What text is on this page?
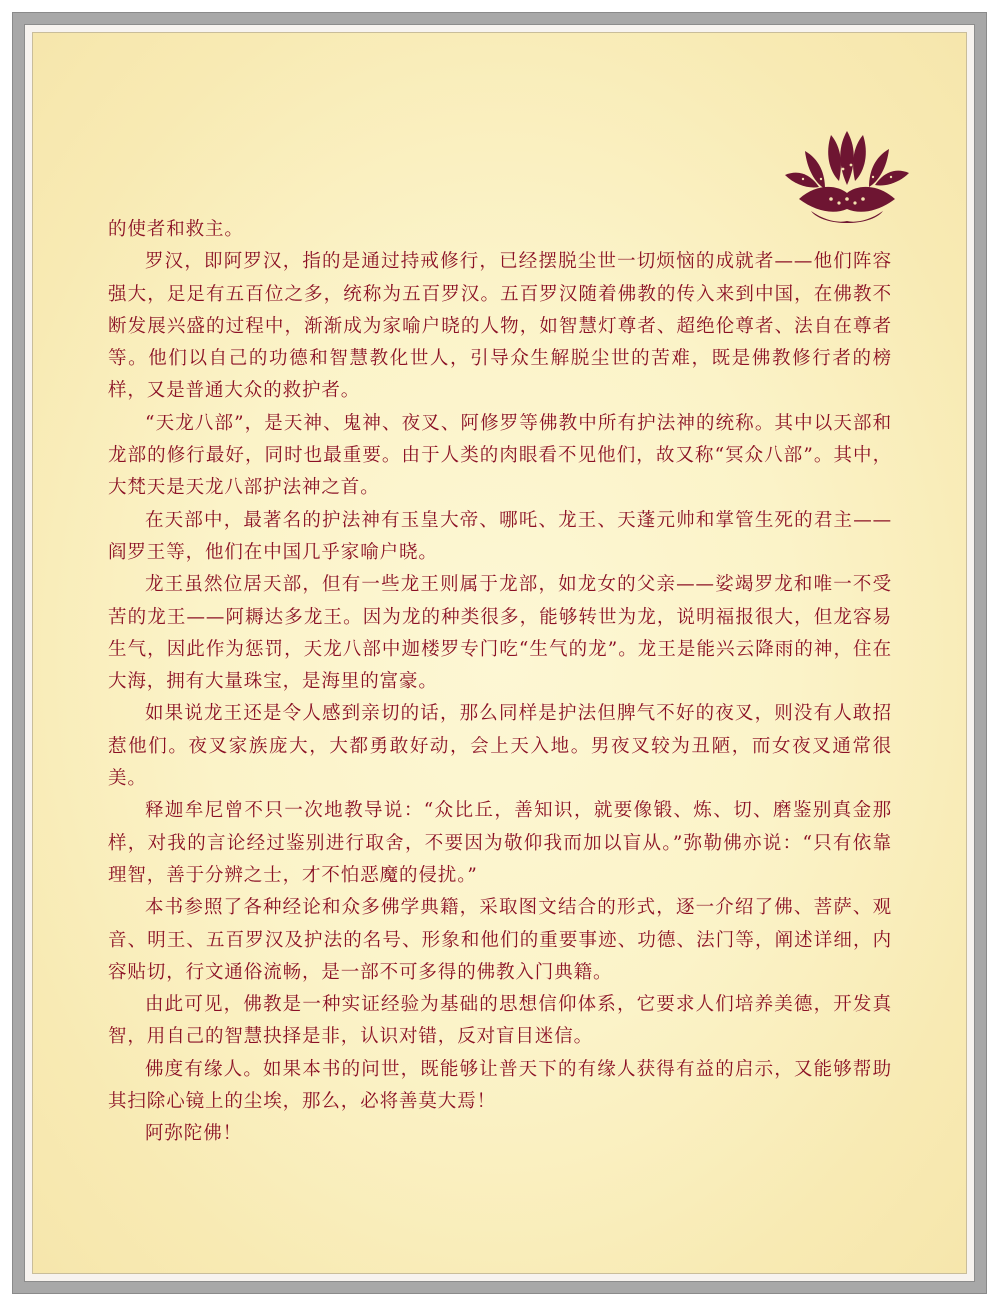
的使者和救主。

罗汉，即阿罗汉，指的是通过持戒修行，已经摆脱尘世一切烦恼的成就者——他们阵容强大，足足有五百位之多，统称为五百罗汉。五百罗汉随着佛教的传入来到中国，在佛教不断发展兴盛的过程中，渐渐成为家喻户晓的人物，如智慧灯尊者、超绝伦尊者、法自在尊者等。他们以自己的功德和智慧教化世人，引导众生解脱尘世的苦难，既是佛教修行者的榜样，又是普通大众的救护者。

“天龙八部”，是天神、鬼神、夜叉、阿修罗等佛教中所有护法神的统称。其中以天部和龙部的修行最好，同时也最重要。由于人类的肉眼看不见他们，故又称“冥众八部”。其中，大梵天是天龙八部护法神之首。

在天部中，最著名的护法神有玉皇大帝、哪吒、龙王、天蓬元帅和掌管生死的君主——阎罗王等，他们在中国几乎家喻户晓。

龙王虽然位居天部，但有一些龙王则属于龙部，如龙女的父亲——娑竭罗龙和唯一不受苦的龙王——阿耨达多龙王。因为龙的种类很多，能够转世为龙，说明福报很大，但龙容易生气，因此作为惩罚，天龙八部中迦楼罗专门吃“生气的龙”。龙王是能兴云降雨的神，住在大海，拥有大量珠宝，是海里的富豪。

如果说龙王还是令人感到亲切的话，那么同样是护法但脾气不好的夜叉，则没有人敢招惹他们。夜叉家族庞大，大都勇敢好动，会上天入地。男夜叉较为丑陋，而女夜叉通常很美。

释迦牟尼曾不只一次地教导说：“众比丘，善知识，就要像锻、炼、切、磨鉴别真金那样，对我的言论经过鉴别进行取舍，不要因为敬仰我而加以盲从。”弥勒佛亦说：“只有依靠理智，善于分辨之士，才不怕恶魔的侵扰。”

本书参照了各种经论和众多佛学典籍，采取图文结合的形式，逐一介绍了佛、菩萨、观音、明王、五百罗汉及护法的名号、形象和他们的重要事迹、功德、法门等，阐述详细，内容贴切，行文通俗流畅，是一部不可多得的佛教入门典籍。

由此可见，佛教是一种实证经验为基础的思想信仰体系，它要求人们培养美德，开发真智，用自己的智慧抉择是非，认识对错，反对盲目迷信。

佛度有缘人。如果本书的问世，既能够让普天下的有缘人获得有益的启示，又能够帮助其扫除心镜上的尘埃，那么，必将善莫大焉！

阿弥陀佛！
